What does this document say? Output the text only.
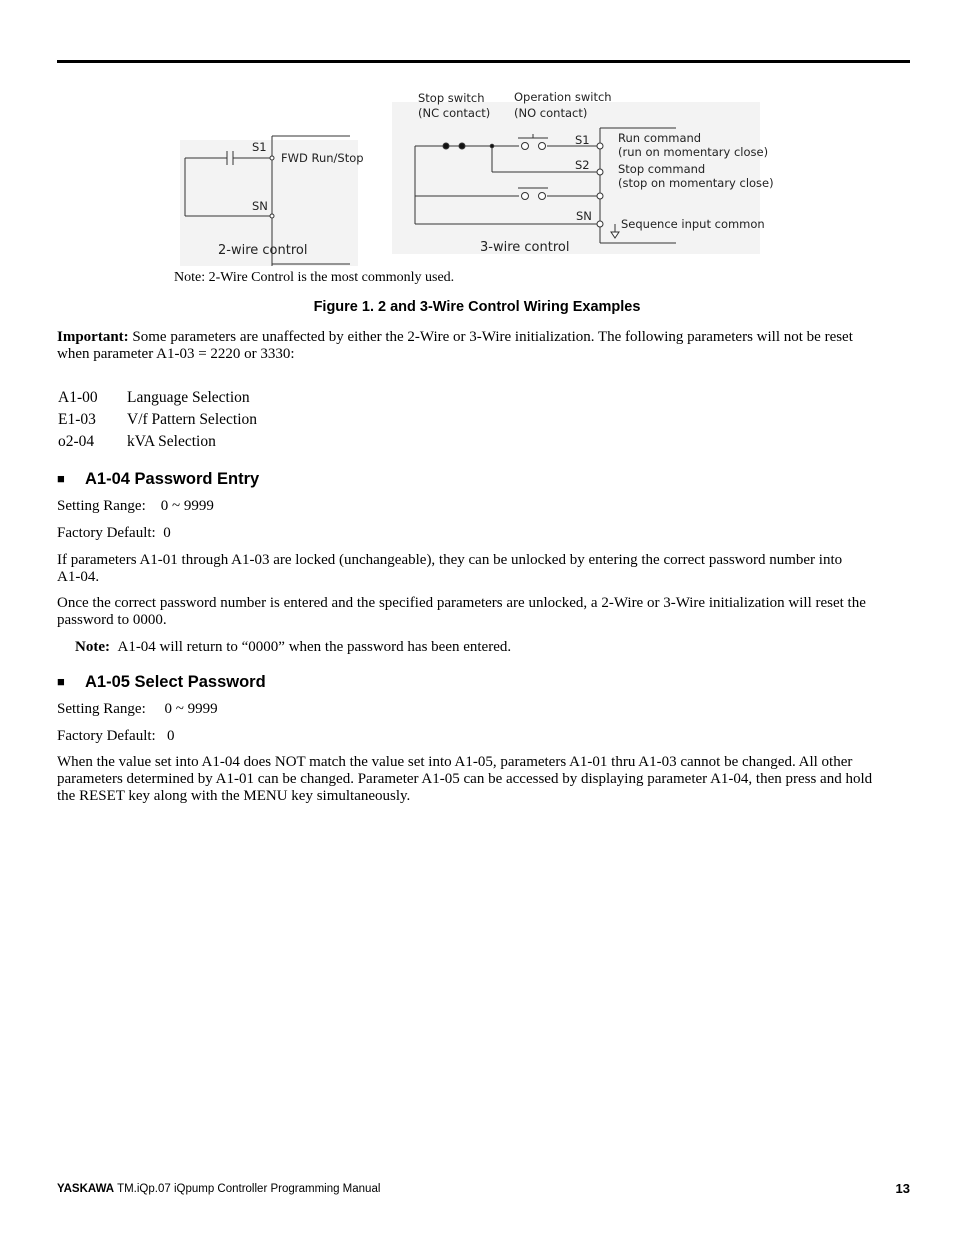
S1
SN
FWD Run/Stop
2-wire control
Stop switch
(NC contact)
Operation switch
(NO contact)
S1
S2
SN
Run command
(run on momentary close)
Stop command
(stop on momentary close)
Sequence input common
3-wire control
Note: 2-Wire Control is the most commonly used.
Figure 1. 2 and 3-Wire Control Wiring Examples
Important: Some parameters are unaffected by either the 2-Wire or 3-Wire initialization. The following parameters will not be reset
when parameter A1-03 = 2220 or 3330:
A1-00 Language Selection
E1-03 V/f Pattern Selection
o2-04 kVA Selection
■ A1-04 Password Entry
Setting Range: 0 ~ 9999
Factory Default: 0
If parameters A1-01 through A1-03 are locked (unchangeable), they can be unlocked by entering the correct password number into
A1-04.
Once the correct password number is entered and the specified parameters are unlocked, a 2-Wire or 3-Wire initialization will reset the
password to 0000.
Note: A1-04 will return to “0000” when the password has been entered.
■ A1-05 Select Password
Setting Range: 0 ~ 9999
Factory Default: 0
When the value set into A1-04 does NOT match the value set into A1-05, parameters A1-01 thru A1-03 cannot be changed. All other
parameters determined by A1-01 can be changed. Parameter A1-05 can be accessed by displaying parameter A1-04, then press and hold
the RESET key along with the MENU key simultaneously.
YASKAWA TM.iQp.07 iQpump Controller Programming Manual	13
